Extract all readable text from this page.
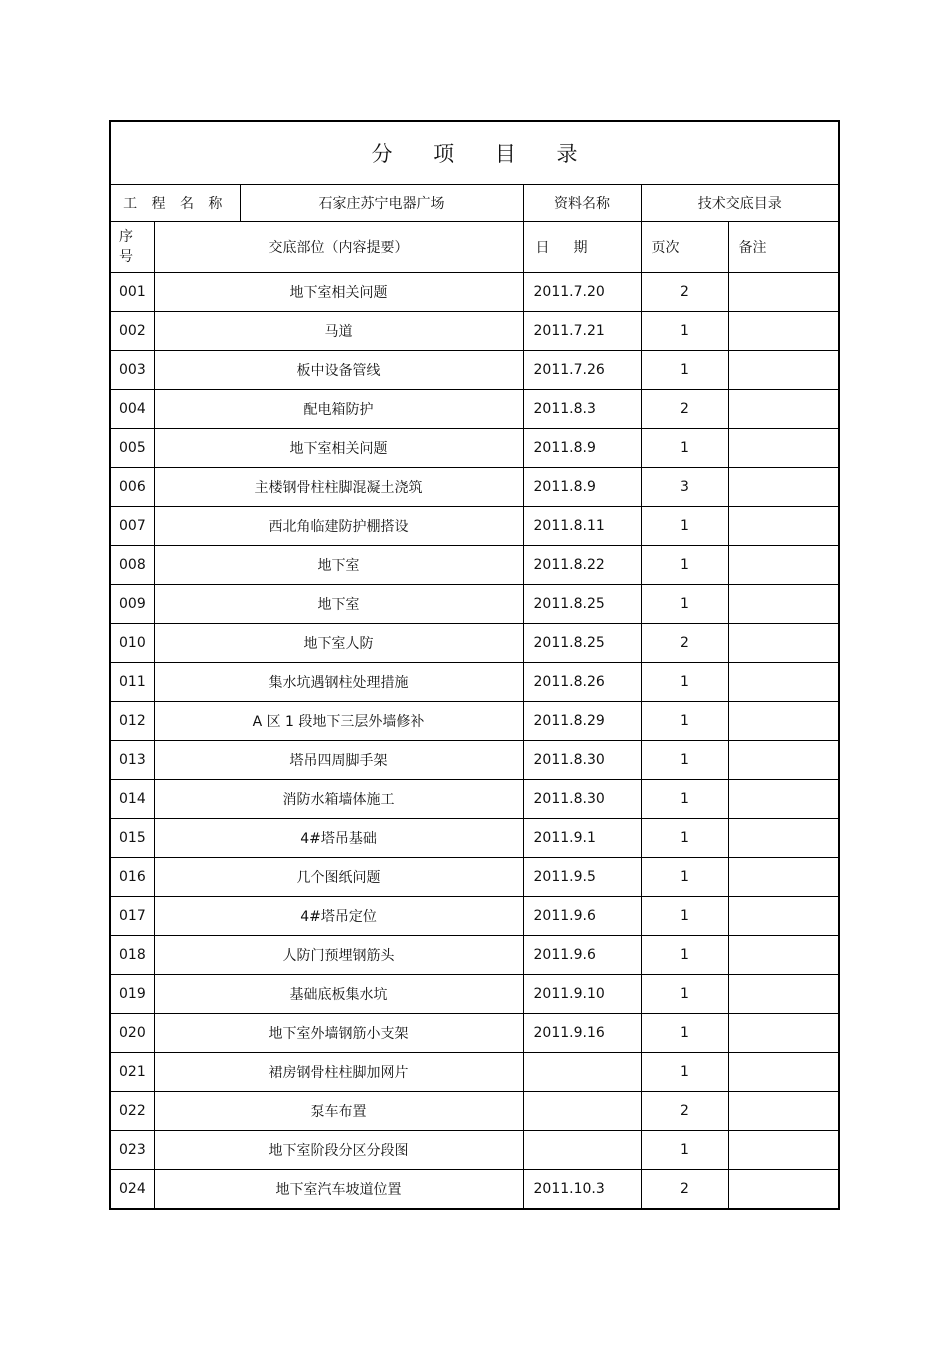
分 项 目 录
工 程 名 称		石家庄苏宁电器广场	资料名称	技术交底目录	
序
号	交底部位（内容提要）		日 期	页次	备注
001	地下室相关问题		2011.7.20	2	
002	马道		2011.7.21	1	
003	板中设备管线		2011.7.26	1	
004	配电箱防护		2011.8.3	2	
005	地下室相关问题		2011.8.9	1	
006	主楼钢骨柱柱脚混凝土浇筑		2011.8.9	3	
007	西北角临建防护棚搭设		2011.8.11	1	
008	地下室		2011.8.22	1	
009	地下室		2011.8.25	1	
010	地下室人防		2011.8.25	2	
011	集水坑遇钢柱处理措施		2011.8.26	1	
012	A 区 1 段地下三层外墙修补		2011.8.29	1	
013	塔吊四周脚手架		2011.8.30	1	
014	消防水箱墙体施工		2011.8.30	1	
015	4#塔吊基础		2011.9.1	1	
016	几个图纸问题		2011.9.5	1	
017	4#塔吊定位		2011.9.6	1	
018	人防门预埋钢筋头		2011.9.6	1	
019	基础底板集水坑		2011.9.10	1	
020	地下室外墙钢筋小支架		2011.9.16	1	
021	裙房钢骨柱柱脚加网片			1	
022	泵车布置			2	
023	地下室阶段分区分段图			1	
024	地下室汽车坡道位置		2011.10.3	2	
